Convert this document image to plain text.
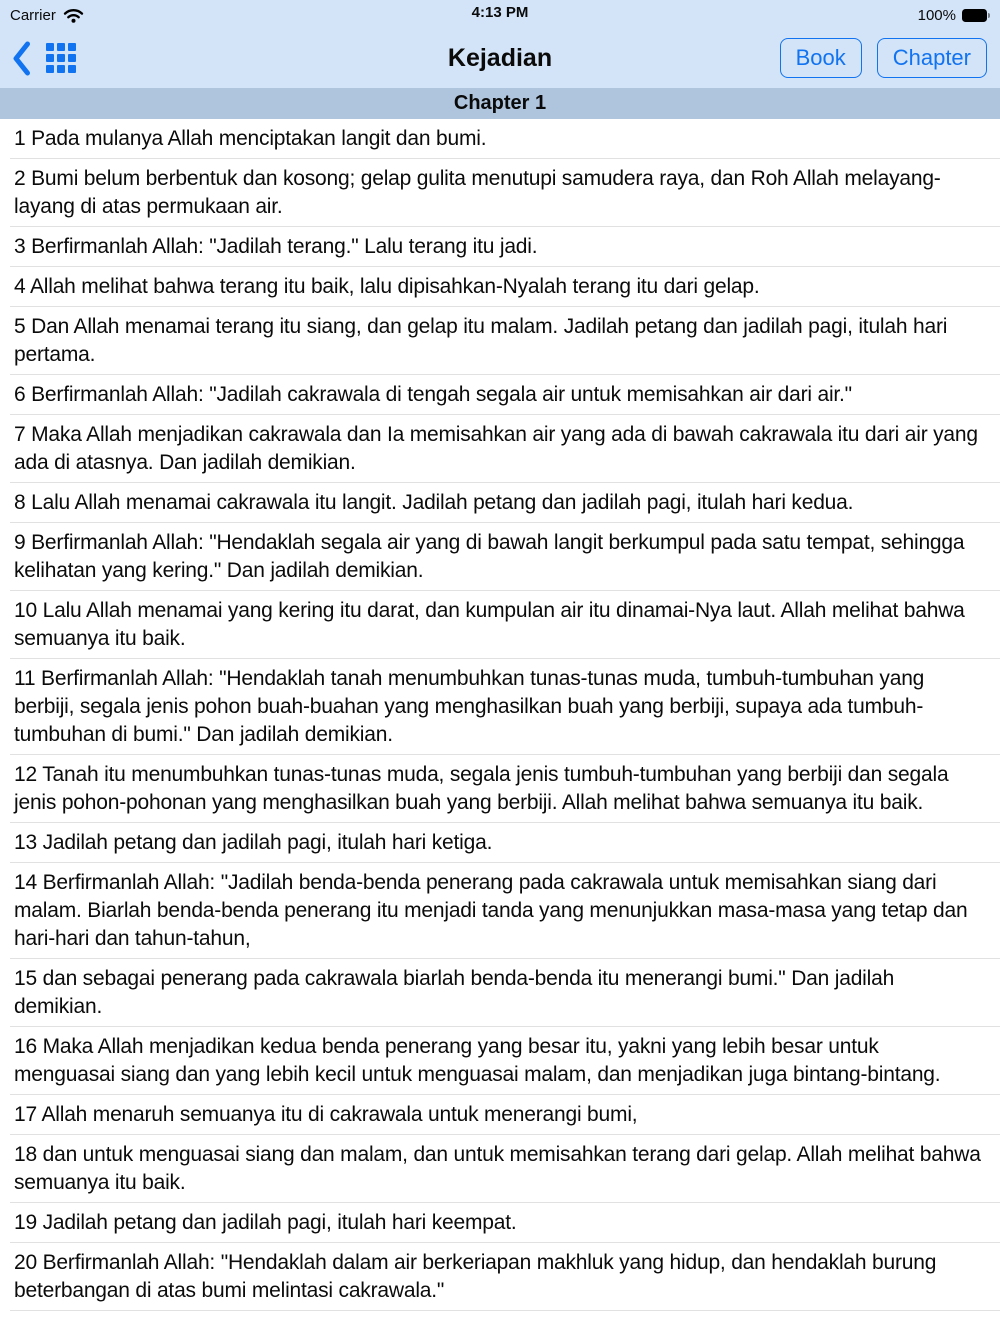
Carrier	4:13 PM	100%
Kejadian	Book	Chapter
Chapter 1
1 Pada mulanya Allah menciptakan langit dan bumi.
2 Bumi belum berbentuk dan kosong; gelap gulita menutupi samudera raya, dan Roh Allah melayang-layang di atas permukaan air.
3 Berfirmanlah Allah: "Jadilah terang." Lalu terang itu jadi.
4 Allah melihat bahwa terang itu baik, lalu dipisahkan-Nyalah terang itu dari gelap.
5 Dan Allah menamai terang itu siang, dan gelap itu malam. Jadilah petang dan jadilah pagi, itulah hari pertama.
6 Berfirmanlah Allah: "Jadilah cakrawala di tengah segala air untuk memisahkan air dari air."
7 Maka Allah menjadikan cakrawala dan Ia memisahkan air yang ada di bawah cakrawala itu dari air yang ada di atasnya. Dan jadilah demikian.
8 Lalu Allah menamai cakrawala itu langit. Jadilah petang dan jadilah pagi, itulah hari kedua.
9 Berfirmanlah Allah: "Hendaklah segala air yang di bawah langit berkumpul pada satu tempat, sehingga kelihatan yang kering." Dan jadilah demikian.
10 Lalu Allah menamai yang kering itu darat, dan kumpulan air itu dinamai-Nya laut. Allah melihat bahwa semuanya itu baik.
11 Berfirmanlah Allah: "Hendaklah tanah menumbuhkan tunas-tunas muda, tumbuh-tumbuhan yang berbiji, segala jenis pohon buah-buahan yang menghasilkan buah yang berbiji, supaya ada tumbuh-tumbuhan di bumi." Dan jadilah demikian.
12 Tanah itu menumbuhkan tunas-tunas muda, segala jenis tumbuh-tumbuhan yang berbiji dan segala jenis pohon-pohonan yang menghasilkan buah yang berbiji. Allah melihat bahwa semuanya itu baik.
13 Jadilah petang dan jadilah pagi, itulah hari ketiga.
14 Berfirmanlah Allah: "Jadilah benda-benda penerang pada cakrawala untuk memisahkan siang dari malam. Biarlah benda-benda penerang itu menjadi tanda yang menunjukkan masa-masa yang tetap dan hari-hari dan tahun-tahun,
15 dan sebagai penerang pada cakrawala biarlah benda-benda itu menerangi bumi." Dan jadilah demikian.
16 Maka Allah menjadikan kedua benda penerang yang besar itu, yakni yang lebih besar untuk menguasai siang dan yang lebih kecil untuk menguasai malam, dan menjadikan juga bintang-bintang.
17 Allah menaruh semuanya itu di cakrawala untuk menerangi bumi,
18 dan untuk menguasai siang dan malam, dan untuk memisahkan terang dari gelap. Allah melihat bahwa semuanya itu baik.
19 Jadilah petang dan jadilah pagi, itulah hari keempat.
20 Berfirmanlah Allah: "Hendaklah dalam air berkeriapan makhluk yang hidup, dan hendaklah burung beterbangan di atas bumi melintasi cakrawala."
